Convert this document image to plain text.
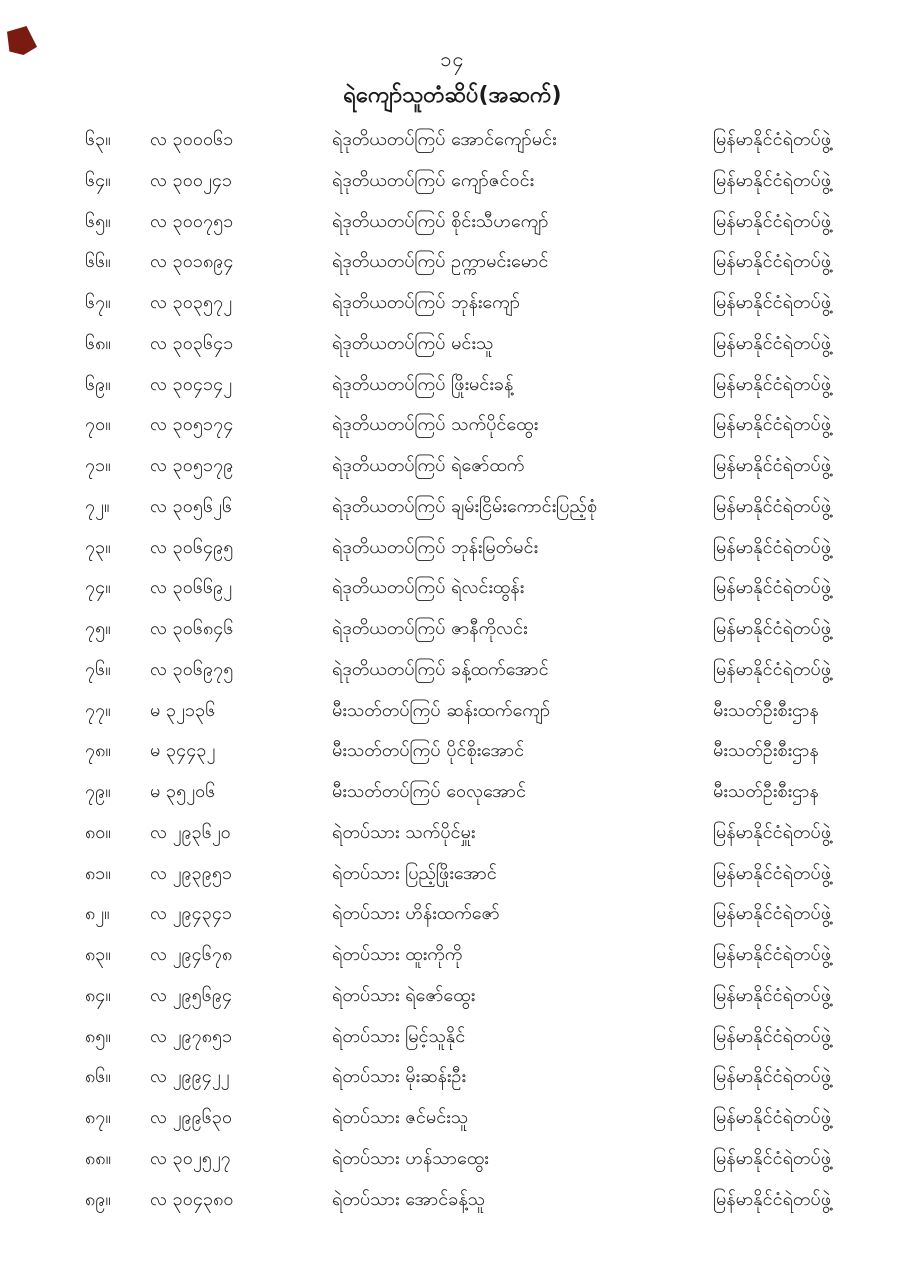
၁၄
ရဲကျော်သူတံဆိပ်(အဆက်)
၆၃။	လ ၃၀၀၀၆၁	ရဲဒုတိယတပ်ကြပ် အောင်ကျော်မင်း	မြန်မာနိုင်ငံရဲတပ်ဖွဲ့
၆၄။	လ ၃၀၀၂၄၁	ရဲဒုတိယတပ်ကြပ် ကျော်ဇင်ဝင်း	မြန်မာနိုင်ငံရဲတပ်ဖွဲ့
၆၅။	လ ၃၀၀၇၅၁	ရဲဒုတိယတပ်ကြပ် စိုင်းသီဟကျော်	မြန်မာနိုင်ငံရဲတပ်ဖွဲ့
၆၆။	လ ၃၀၁၈၉၄	ရဲဒုတိယတပ်ကြပ် ဥက္ကာမင်းမောင်	မြန်မာနိုင်ငံရဲတပ်ဖွဲ့
၆၇။	လ ၃၀၃၅၇၂	ရဲဒုတိယတပ်ကြပ် ဘုန်းကျော်	မြန်မာနိုင်ငံရဲတပ်ဖွဲ့
၆၈။	လ ၃၀၃၆၄၁	ရဲဒုတိယတပ်ကြပ် မင်းသူ	မြန်မာနိုင်ငံရဲတပ်ဖွဲ့
၆၉။	လ ၃၀၄၁၄၂	ရဲဒုတိယတပ်ကြပ် ဖြိုးမင်းခန့်	မြန်မာနိုင်ငံရဲတပ်ဖွဲ့
၇၀။	လ ၃၀၅၁၇၄	ရဲဒုတိယတပ်ကြပ် သက်ပိုင်ထွေး	မြန်မာနိုင်ငံရဲတပ်ဖွဲ့
၇၁။	လ ၃၀၅၁၇၉	ရဲဒုတိယတပ်ကြပ် ရဲဇော်ထက်	မြန်မာနိုင်ငံရဲတပ်ဖွဲ့
၇၂။	လ ၃၀၅၆၂၆	ရဲဒုတိယတပ်ကြပ် ချမ်းငြိမ်းကောင်းပြည့်စုံ	မြန်မာနိုင်ငံရဲတပ်ဖွဲ့
၇၃။	လ ၃၀၆၄၉၅	ရဲဒုတိယတပ်ကြပ် ဘုန်းမြတ်မင်း	မြန်မာနိုင်ငံရဲတပ်ဖွဲ့
၇၄။	လ ၃၀၆၆၉၂	ရဲဒုတိယတပ်ကြပ် ရဲလင်းထွန်း	မြန်မာနိုင်ငံရဲတပ်ဖွဲ့
၇၅။	လ ၃၀၆၈၄၆	ရဲဒုတိယတပ်ကြပ် ဇာနီကိုလင်း	မြန်မာနိုင်ငံရဲတပ်ဖွဲ့
၇၆။	လ ၃၀၆၉၇၅	ရဲဒုတိယတပ်ကြပ် ခန့်ထက်အောင်	မြန်မာနိုင်ငံရဲတပ်ဖွဲ့
၇၇။	မ ၃၂၁၃၆	မီးသတ်တပ်ကြပ် ဆန်းထက်ကျော်	မီးသတ်ဦးစီးဌာန
၇၈။	မ ၃၄၄၃၂	မီးသတ်တပ်ကြပ် ပိုင်စိုးအောင်	မီးသတ်ဦးစီးဌာန
၇၉။	မ ၃၅၂၀၆	မီးသတ်တပ်ကြပ် ဝေလုအောင်	မီးသတ်ဦးစီးဌာန
၈၀။	လ ၂၉၃၆၂၀	ရဲတပ်သား သက်ပိုင်မှူး	မြန်မာနိုင်ငံရဲတပ်ဖွဲ့
၈၁။	လ ၂၉၃၉၅၁	ရဲတပ်သား ပြည့်ဖြိုးအောင်	မြန်မာနိုင်ငံရဲတပ်ဖွဲ့
၈၂။	လ ၂၉၄၃၄၁	ရဲတပ်သား ဟိန်းထက်ဇော်	မြန်မာနိုင်ငံရဲတပ်ဖွဲ့
၈၃။	လ ၂၉၄၆၇၈	ရဲတပ်သား ထူးကိုကို	မြန်မာနိုင်ငံရဲတပ်ဖွဲ့
၈၄။	လ ၂၉၅၆၉၄	ရဲတပ်သား ရဲဇော်ထွေး	မြန်မာနိုင်ငံရဲတပ်ဖွဲ့
၈၅။	လ ၂၉၇၈၅၁	ရဲတပ်သား မြင့်သူနိုင်	မြန်မာနိုင်ငံရဲတပ်ဖွဲ့
၈၆။	လ ၂၉၉၄၂၂	ရဲတပ်သား မိုးဆန်းဦး	မြန်မာနိုင်ငံရဲတပ်ဖွဲ့
၈၇။	လ ၂၉၉၆၃၀	ရဲတပ်သား ဇင်မင်းသူ	မြန်မာနိုင်ငံရဲတပ်ဖွဲ့
၈၈။	လ ၃၀၂၅၂၇	ရဲတပ်သား ဟန်သာထွေး	မြန်မာနိုင်ငံရဲတပ်ဖွဲ့
၈၉။	လ ၃၀၄၃၈၀	ရဲတပ်သား အောင်ခန့်သူ	မြန်မာနိုင်ငံရဲတပ်ဖွဲ့
